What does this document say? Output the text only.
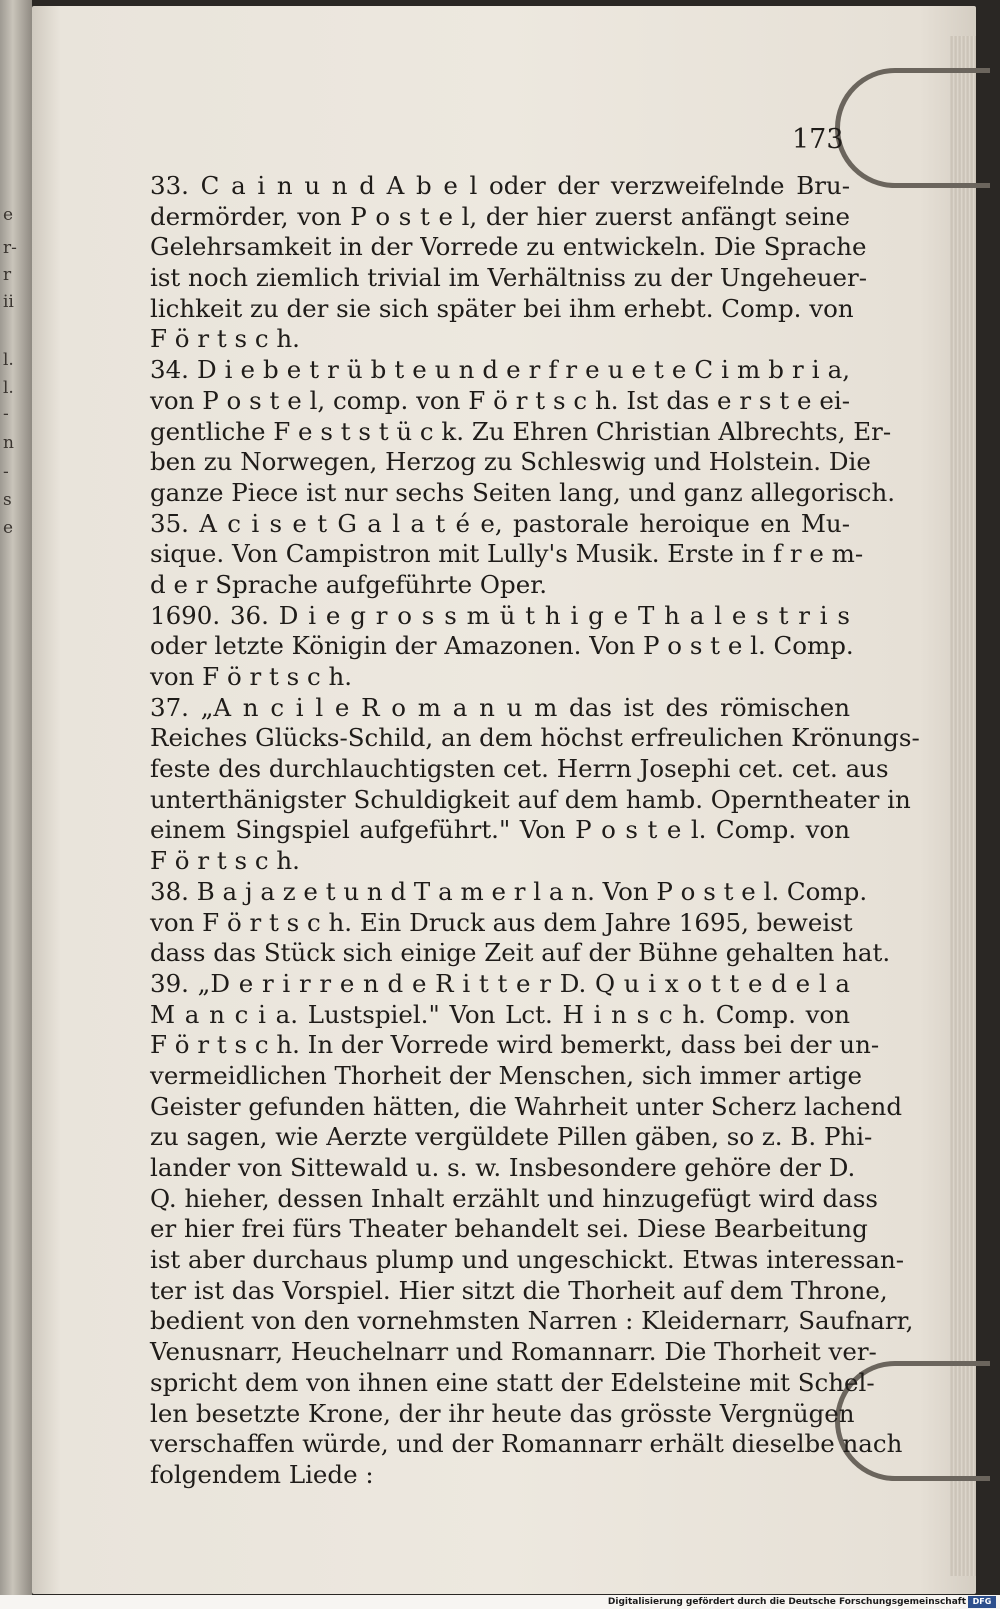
e
r-
r
ii
l.
l.
-
n
-
s
e
173
33. C a i n u n d A b e l oder der verzweifelnde Bru-
dermörder, von P o s t e l, der hier zuerst anfängt seine
Gelehrsamkeit in der Vorrede zu entwickeln. Die Sprache
ist noch ziemlich trivial im Verhältniss zu der Ungeheuer-
lichkeit zu der sie sich später bei ihm erhebt. Comp. von
F ö r t s c h.
34. D i e b e t r ü b t e u n d e r f r e u e t e C i m b r i a,
von P o s t e l, comp. von F ö r t s c h. Ist das e r s t e ei-
gentliche F e s t s t ü c k. Zu Ehren Christian Albrechts, Er-
ben zu Norwegen, Herzog zu Schleswig und Holstein. Die
ganze Piece ist nur sechs Seiten lang, und ganz allegorisch.
35. A c i s e t G a l a t é e, pastorale heroique en Mu-
sique. Von Campistron mit Lully's Musik. Erste in f r e m-
d e r Sprache aufgeführte Oper.
1690. 36. D i e g r o s s m ü t h i g e T h a l e s t r i s
oder letzte Königin der Amazonen. Von P o s t e l. Comp.
von F ö r t s c h.
37. „A n c i l e R o m a n u m das ist des römischen
Reiches Glücks-Schild, an dem höchst erfreulichen Krönungs-
feste des durchlauchtigsten cet. Herrn Josephi cet. cet. aus
unterthänigster Schuldigkeit auf dem hamb. Operntheater in
einem Singspiel aufgeführt." Von P o s t e l. Comp. von
F ö r t s c h.
38. B a j a z e t u n d T a m e r l a n. Von P o s t e l. Comp.
von F ö r t s c h. Ein Druck aus dem Jahre 1695, beweist
dass das Stück sich einige Zeit auf der Bühne gehalten hat.
39. „D e r i r r e n d e R i t t e r D. Q u i x o t t e d e l a
M a n c i a. Lustspiel." Von Lct. H i n s c h. Comp. von
F ö r t s c h. In der Vorrede wird bemerkt, dass bei der un-
vermeidlichen Thorheit der Menschen, sich immer artige
Geister gefunden hätten, die Wahrheit unter Scherz lachend
zu sagen, wie Aerzte vergüldete Pillen gäben, so z. B. Phi-
lander von Sittewald u. s. w. Insbesondere gehöre der D.
Q. hieher, dessen Inhalt erzählt und hinzugefügt wird dass
er hier frei fürs Theater behandelt sei. Diese Bearbeitung
ist aber durchaus plump und ungeschickt. Etwas interessan-
ter ist das Vorspiel. Hier sitzt die Thorheit auf dem Throne,
bedient von den vornehmsten Narren : Kleidernarr, Saufnarr,
Venusnarr, Heuchelnarr und Romannarr. Die Thorheit ver-
spricht dem von ihnen eine statt der Edelsteine mit Schel-
len besetzte Krone, der ihr heute das grösste Vergnügen
verschaffen würde, und der Romannarr erhält dieselbe nach
folgendem Liede :
Digitalisierung gefördert durch die Deutsche Forschungsgemeinschaft DFG
